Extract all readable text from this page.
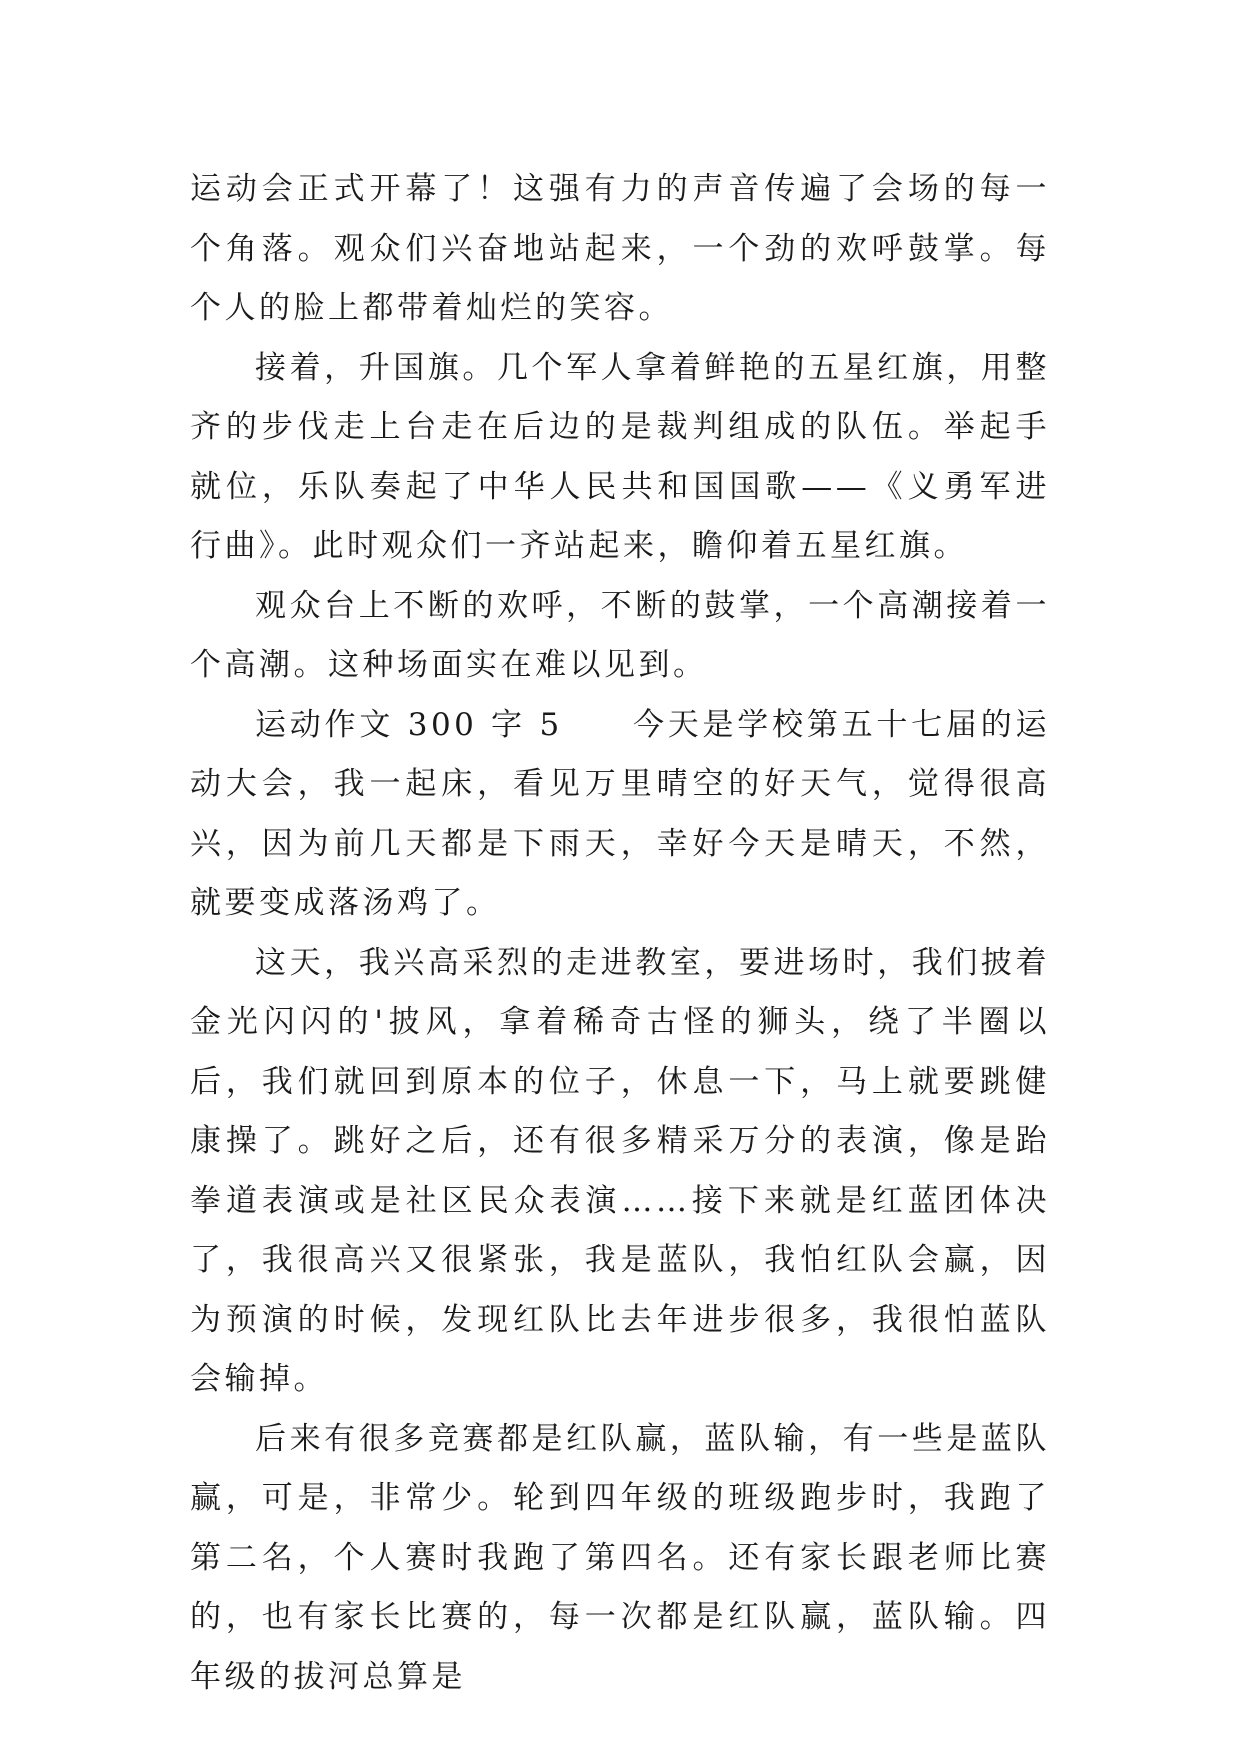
运动会正式开幕了！这强有力的声音传遍了会场的每一个角落。观众们兴奋地站起来，一个劲的欢呼鼓掌。每个人的脸上都带着灿烂的笑容。

接着，升国旗。几个军人拿着鲜艳的五星红旗，用整齐的步伐走上台走在后边的是裁判组成的队伍。举起手就位，乐队奏起了中华人民共和国国歌——《义勇军进行曲》。此时观众们一齐站起来，瞻仰着五星红旗。

观众台上不断的欢呼，不断的鼓掌，一个高潮接着一个高潮。这种场面实在难以见到。

运动作文 300 字 5 今天是学校第五十七届的运动大会，我一起床，看见万里晴空的好天气，觉得很高兴，因为前几天都是下雨天，幸好今天是晴天，不然，就要变成落汤鸡了。

这天，我兴高采烈的走进教室，要进场时，我们披着金光闪闪的'披风，拿着稀奇古怪的狮头，绕了半圈以后，我们就回到原本的位子，休息一下，马上就要跳健康操了。跳好之后，还有很多精采万分的表演，像是跆拳道表演或是社区民众表演……接下来就是红蓝团体决了，我很高兴又很紧张，我是蓝队，我怕红队会赢，因为预演的时候，发现红队比去年进步很多，我很怕蓝队会输掉。

后来有很多竞赛都是红队赢，蓝队输，有一些是蓝队赢，可是，非常少。轮到四年级的班级跑步时，我跑了第二名，个人赛时我跑了第四名。还有家长跟老师比赛的，也有家长比赛的，每一次都是红队赢，蓝队输。四年级的拔河总算是
